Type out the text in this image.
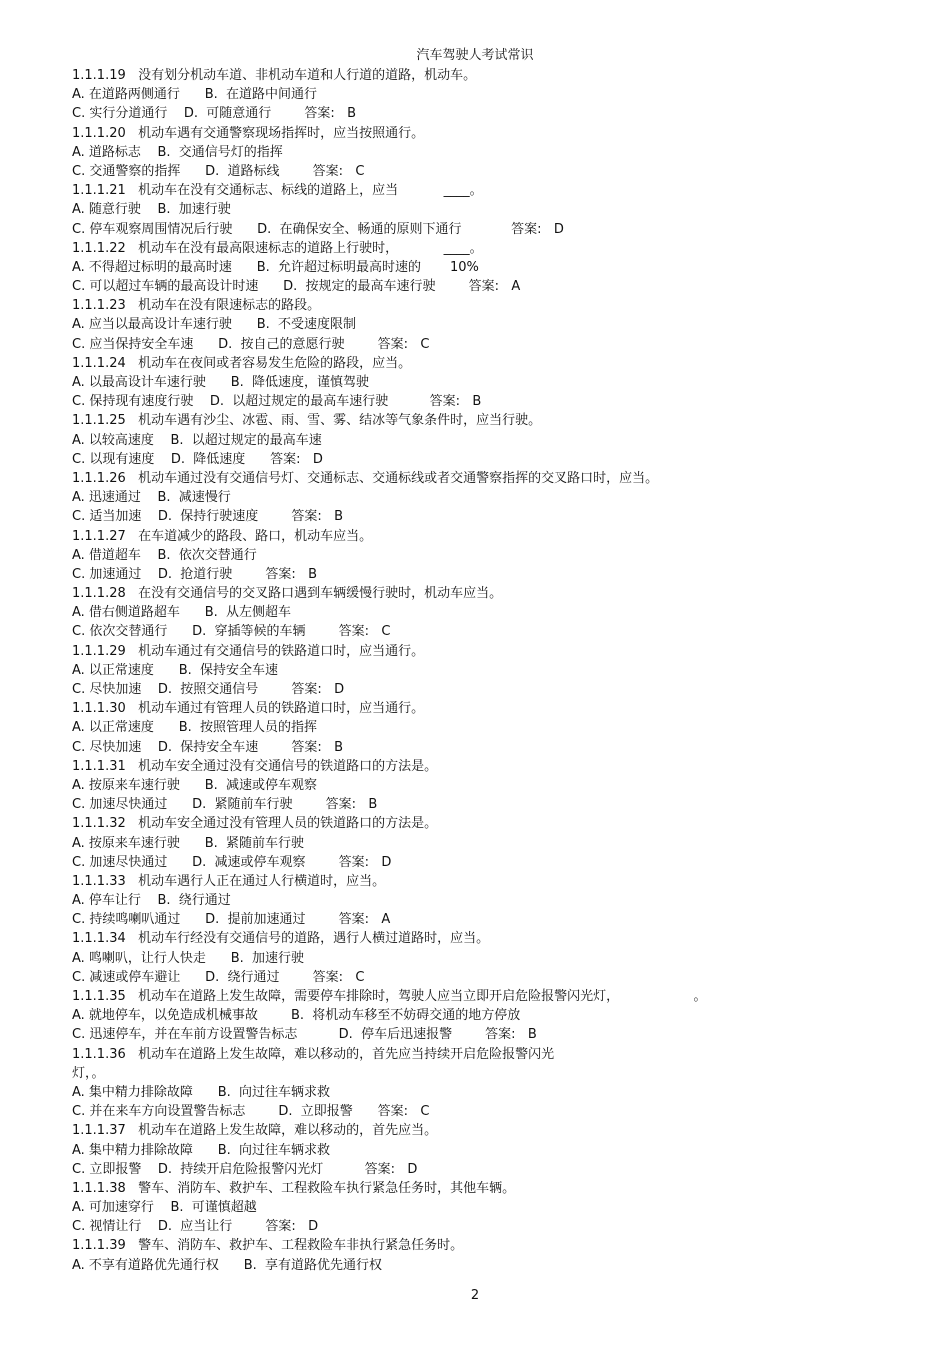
汽车驾驶人考试常识
1.1.1.19   没有划分机动车道、非机动车道和人行道的道路，机动车。
A. 在道路两侧通行      B.  在道路中间通行
C. 实行分道通行    D.  可随意通行        答案:   B
1.1.1.20   机动车遇有交通警察现场指挥时，应当按照通行。
A. 道路标志    B.  交通信号灯的指挥
C. 交通警察的指挥      D.  道路标线        答案:   C
1.1.1.21   机动车在没有交通标志、标线的道路上，应当           ____。
A. 随意行驶    B.  加速行驶
C. 停车观察周围情况后行驶      D.  在确保安全、畅通的原则下通行            答案:   D
1.1.1.22   机动车在没有最高限速标志的道路上行驶时，           ____。
A. 不得超过标明的最高时速      B.  允许超过标明最高时速的       10%
C. 可以超过车辆的最高设计时速      D.  按规定的最高车速行驶        答案:   A
1.1.1.23   机动车在没有限速标志的路段。
A. 应当以最高设计车速行驶      B.  不受速度限制
C. 应当保持安全车速      D.  按自己的意愿行驶        答案:   C
1.1.1.24   机动车在夜间或者容易发生危险的路段，应当。
A. 以最高设计车速行驶      B.  降低速度，谨慎驾驶
C. 保持现有速度行驶    D.  以超过规定的最高车速行驶          答案:   B
1.1.1.25   机动车遇有沙尘、冰雹、雨、雪、雾、结冰等气象条件时，应当行驶。
A. 以较高速度    B.  以超过规定的最高车速
C. 以现有速度    D.  降低速度      答案:   D
1.1.1.26   机动车通过没有交通信号灯、交通标志、交通标线或者交通警察指挥的交叉路口时，应当。
A. 迅速通过    B.  减速慢行
C. 适当加速    D.  保持行驶速度        答案:   B
1.1.1.27   在车道减少的路段、路口，机动车应当。
A. 借道超车    B.  依次交替通行
C. 加速通过    D.  抢道行驶        答案:   B
1.1.1.28   在没有交通信号的交叉路口遇到车辆缓慢行驶时，机动车应当。
A. 借右侧道路超车      B.  从左侧超车
C. 依次交替通行      D.  穿插等候的车辆        答案:   C
1.1.1.29   机动车通过有交通信号的铁路道口时，应当通行。
A. 以正常速度      B.  保持安全车速
C. 尽快加速    D.  按照交通信号        答案:   D
1.1.1.30   机动车通过有管理人员的铁路道口时，应当通行。
A. 以正常速度      B.  按照管理人员的指挥
C. 尽快加速    D.  保持安全车速        答案:   B
1.1.1.31   机动车安全通过没有交通信号的铁道路口的方法是。
A. 按原来车速行驶      B.  减速或停车观察
C. 加速尽快通过      D.  紧随前车行驶        答案:   B
1.1.1.32   机动车安全通过没有管理人员的铁道路口的方法是。
A. 按原来车速行驶      B.  紧随前车行驶
C. 加速尽快通过      D.  减速或停车观察        答案:   D
1.1.1.33   机动车遇行人正在通过人行横道时，应当。
A. 停车让行    B.  绕行通过
C. 持续鸣喇叭通过      D.  提前加速通过        答案:   A
1.1.1.34   机动车行经没有交通信号的道路，遇行人横过道路时，应当。
A. 鸣喇叭，让行人快走      B.  加速行驶
C. 减速或停车避让      D.  绕行通过        答案:   C
1.1.1.35   机动车在道路上发生故障，需要停车排除时，驾驶人应当立即开启危险报警闪光灯，                  。
A. 就地停车，以免造成机械事故        B.  将机动车移至不妨碍交通的地方停放
C. 迅速停车，并在车前方设置警告标志          D.  停车后迅速报警        答案:   B
1.1.1.36   机动车在道路上发生故障，难以移动的，首先应当持续开启危险报警闪光
灯，。
A. 集中精力排除故障      B.  向过往车辆求救
C. 并在来车方向设置警告标志        D.  立即报警      答案:   C
1.1.1.37   机动车在道路上发生故障，难以移动的，首先应当。
A. 集中精力排除故障      B.  向过往车辆求救
C. 立即报警    D.  持续开启危险报警闪光灯          答案:   D
1.1.1.38   警车、消防车、救护车、工程救险车执行紧急任务时，其他车辆。
A. 可加速穿行    B.  可谨慎超越
C. 视情让行    D.  应当让行        答案:   D
1.1.1.39   警车、消防车、救护车、工程救险车非执行紧急任务时。
A. 不享有道路优先通行权      B.  享有道路优先通行权
2
